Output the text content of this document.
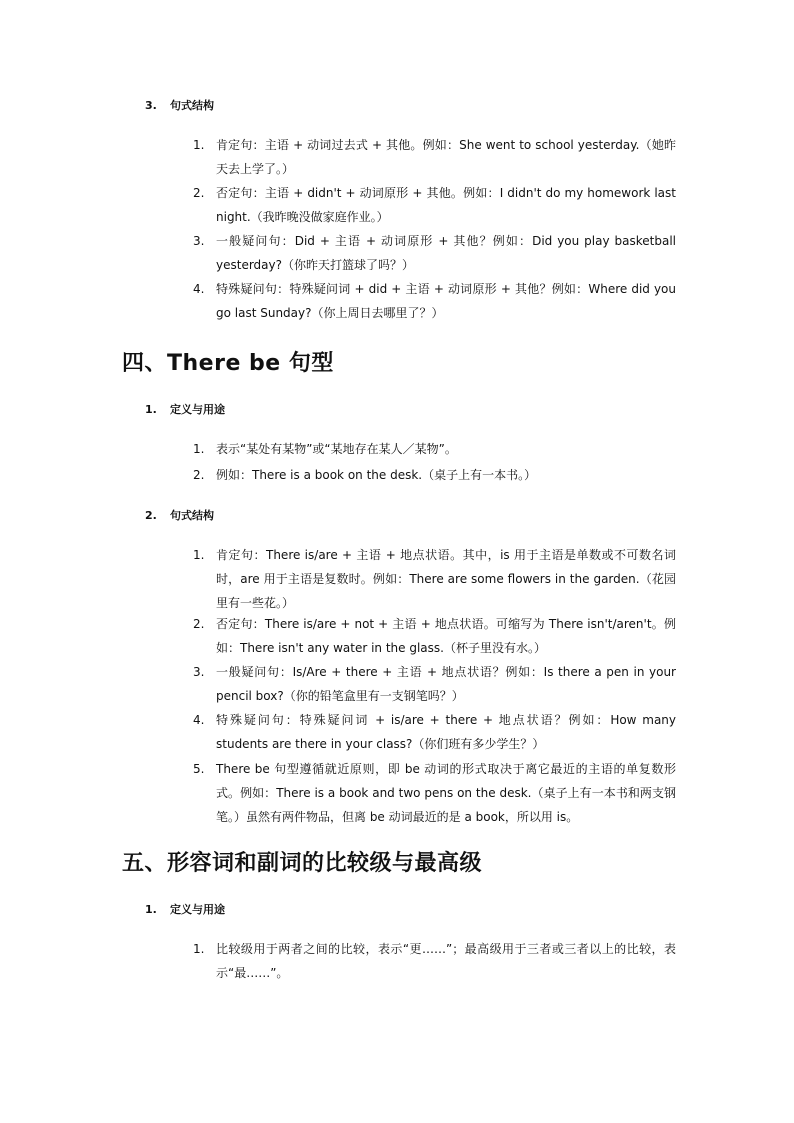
3. 句式结构
1. 肯定句：主语 + 动词过去式 + 其他。例如：She went to school yesterday.（她昨天去上学了。）
2. 否定句：主语 + didn't + 动词原形 + 其他。例如：I didn't do my homework last night.（我昨晚没做家庭作业。）
3. 一般疑问句：Did + 主语 + 动词原形 + 其他？例如：Did you play basketball yesterday?（你昨天打篮球了吗？）
4. 特殊疑问句：特殊疑问词 + did + 主语 + 动词原形 + 其他？例如：Where did you go last Sunday?（你上周日去哪里了？）
四、There be 句型
1. 定义与用途
1. 表示“某处有某物”或“某地存在某人／某物”。
2. 例如：There is a book on the desk.（桌子上有一本书。）
2. 句式结构
1. 肯定句：There is/are + 主语 + 地点状语。其中，is 用于主语是单数或不可数名词时，are 用于主语是复数时。例如：There are some flowers in the garden.（花园里有一些花。）
2. 否定句：There is/are + not + 主语 + 地点状语。可缩写为 There isn't/aren't。例如：There isn't any water in the glass.（杯子里没有水。）
3. 一般疑问句：Is/Are + there + 主语 + 地点状语？例如：Is there a pen in your pencil box?（你的铅笔盒里有一支钢笔吗？）
4. 特殊疑问句：特殊疑问词 + is/are + there + 地点状语？例如：How many students are there in your class?（你们班有多少学生？）
5. There be 句型遵循就近原则，即 be 动词的形式取决于离它最近的主语的单复数形式。例如：There is a book and two pens on the desk.（桌子上有一本书和两支钢笔。）虽然有两件物品，但离 be 动词最近的是 a book，所以用 is。
五、形容词和副词的比较级与最高级
1. 定义与用途
1. 比较级用于两者之间的比较，表示“更……”；最高级用于三者或三者以上的比较，表示“最……”。
